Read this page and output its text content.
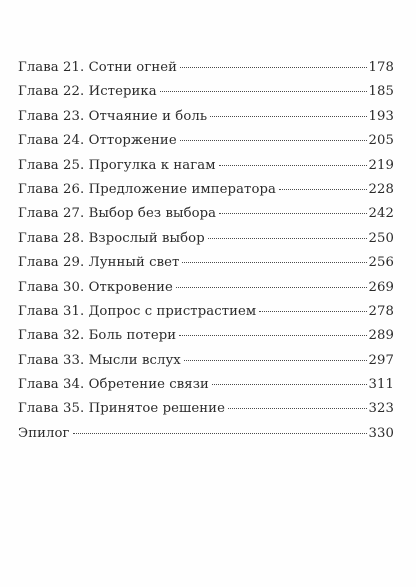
Глава 21. Сотни огней	178
Глава 22. Истерика	185
Глава 23. Отчаяние и боль	193
Глава 24. Отторжение	205
Глава 25. Прогулка к нагам	219
Глава 26. Предложение императора	228
Глава 27. Выбор без выбора	242
Глава 28. Взрослый выбор	250
Глава 29. Лунный свет	256
Глава 30. Откровение	269
Глава 31. Допрос с пристрастием	278
Глава 32. Боль потери	289
Глава 33. Мысли вслух	297
Глава 34. Обретение связи	311
Глава 35. Принятое решение	323
Эпилог	330
